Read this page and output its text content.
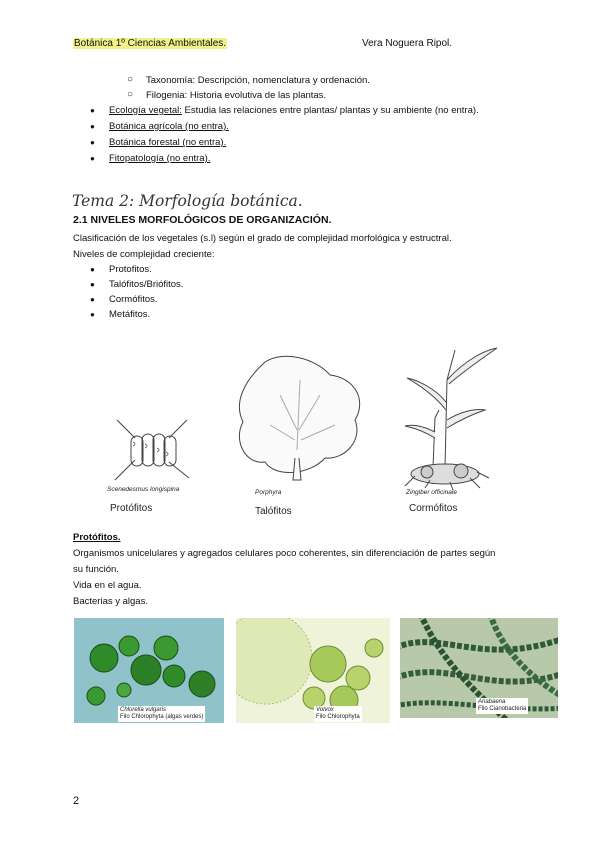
Botánica 1º Ciencias Ambientales.	Vera Noguera Ripol.
○ Taxonomía: Descripción, nomenclatura y ordenación.
○ Filogenia: Historia evolutiva de las plantas.
● Ecología vegetal: Estudia las relaciones entre plantas/ plantas y su ambiente (no entra).
● Botánica agrícola (no entra).
● Botánica forestal (no entra).
● Fitopatología (no entra).
Tema 2: Morfología botánica.
2.1 NIVELES MORFOLÓGICOS DE ORGANIZACIÓN.
Clasificación de los vegetales (s.l) según el grado de complejidad morfológica y estructral.
Niveles de complejidad creciente:
● Protofitos.
● Talófitos/Briófitos.
● Cormófitos.
● Metáfitos.
Scenedesmus longispina
Protófitos
Porphyra
Talófitos
Zingiber officinale
Cormófitos
Protófitos.
Organismos unicelulares y agregados celulares poco coherentes, sin diferenciación de partes según
su función.
Vida en el agua.
Bacterias y algas.
Chlorella vulgaris
Filo Chlorophyta (algas verdes)
Volvox
Filo Chlorophyta
Anabaena
Filo Cianobacteria
2
